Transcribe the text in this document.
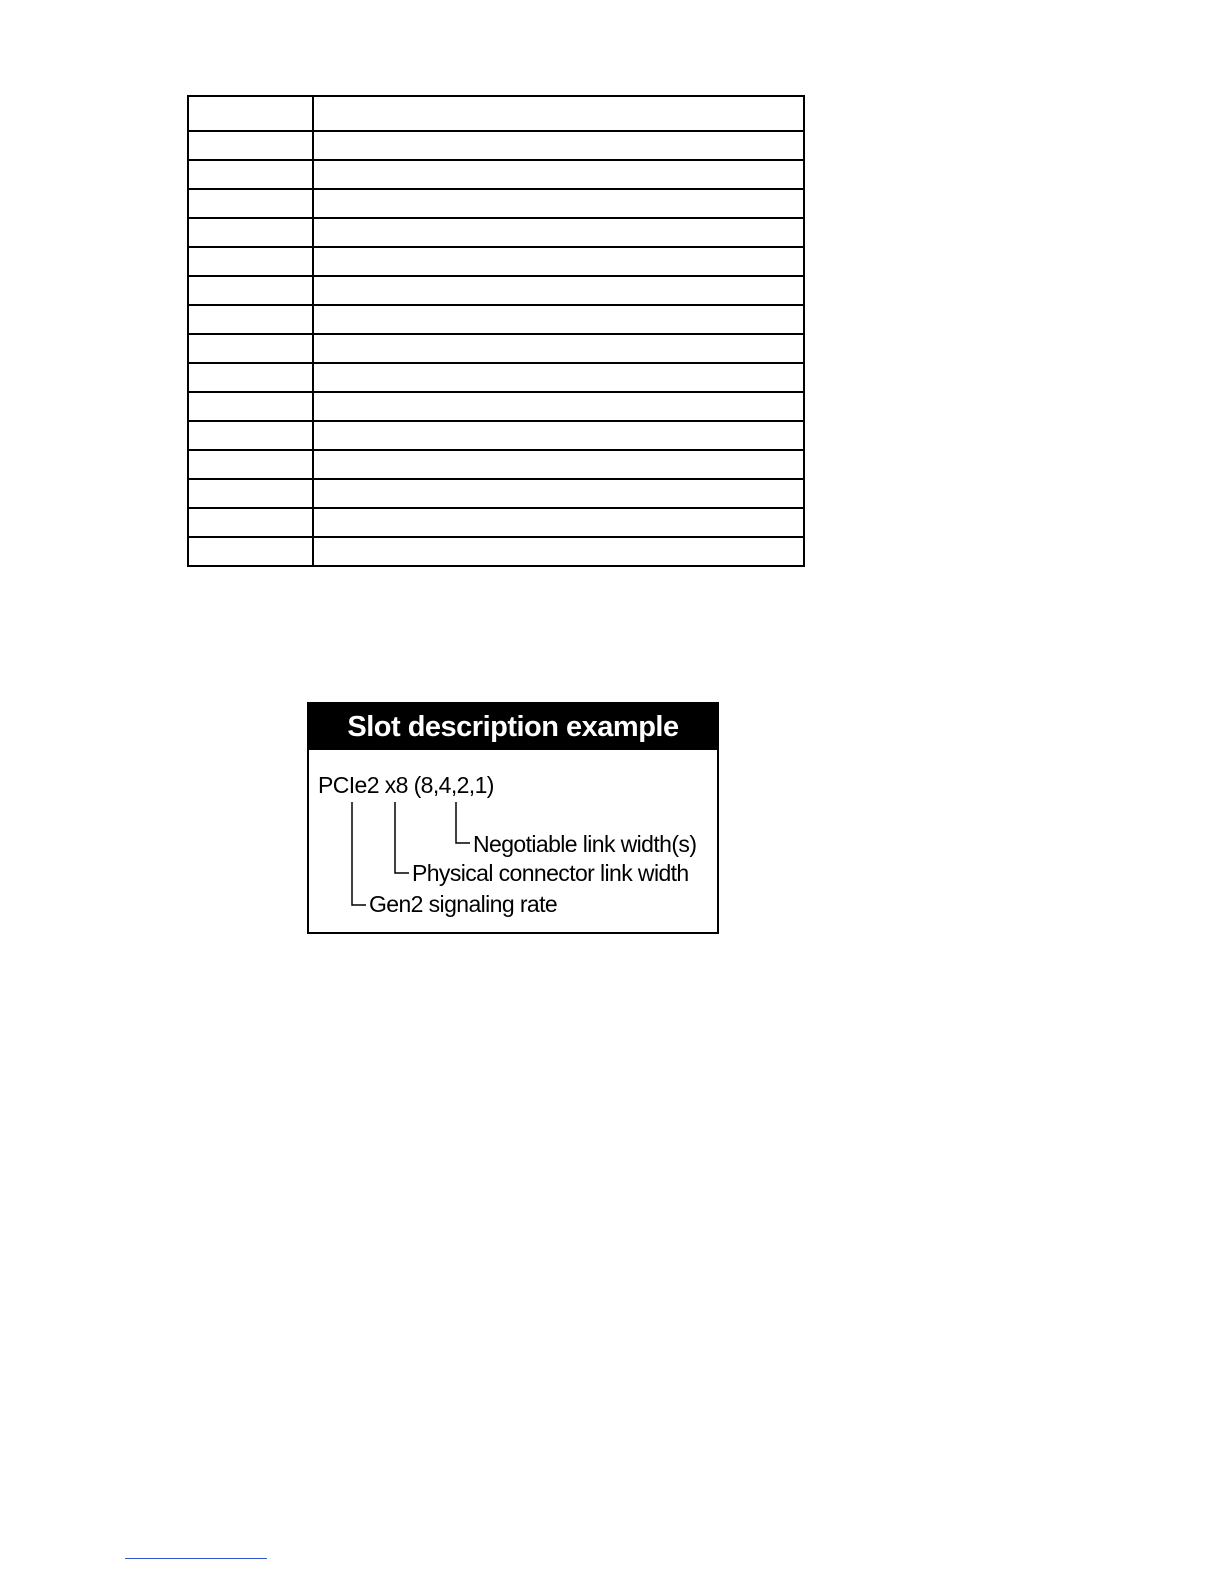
Slot description example
PCIe2 x8 (8,4,2,1)
Negotiable link width(s)
Physical connector link width
Gen2 signaling rate
